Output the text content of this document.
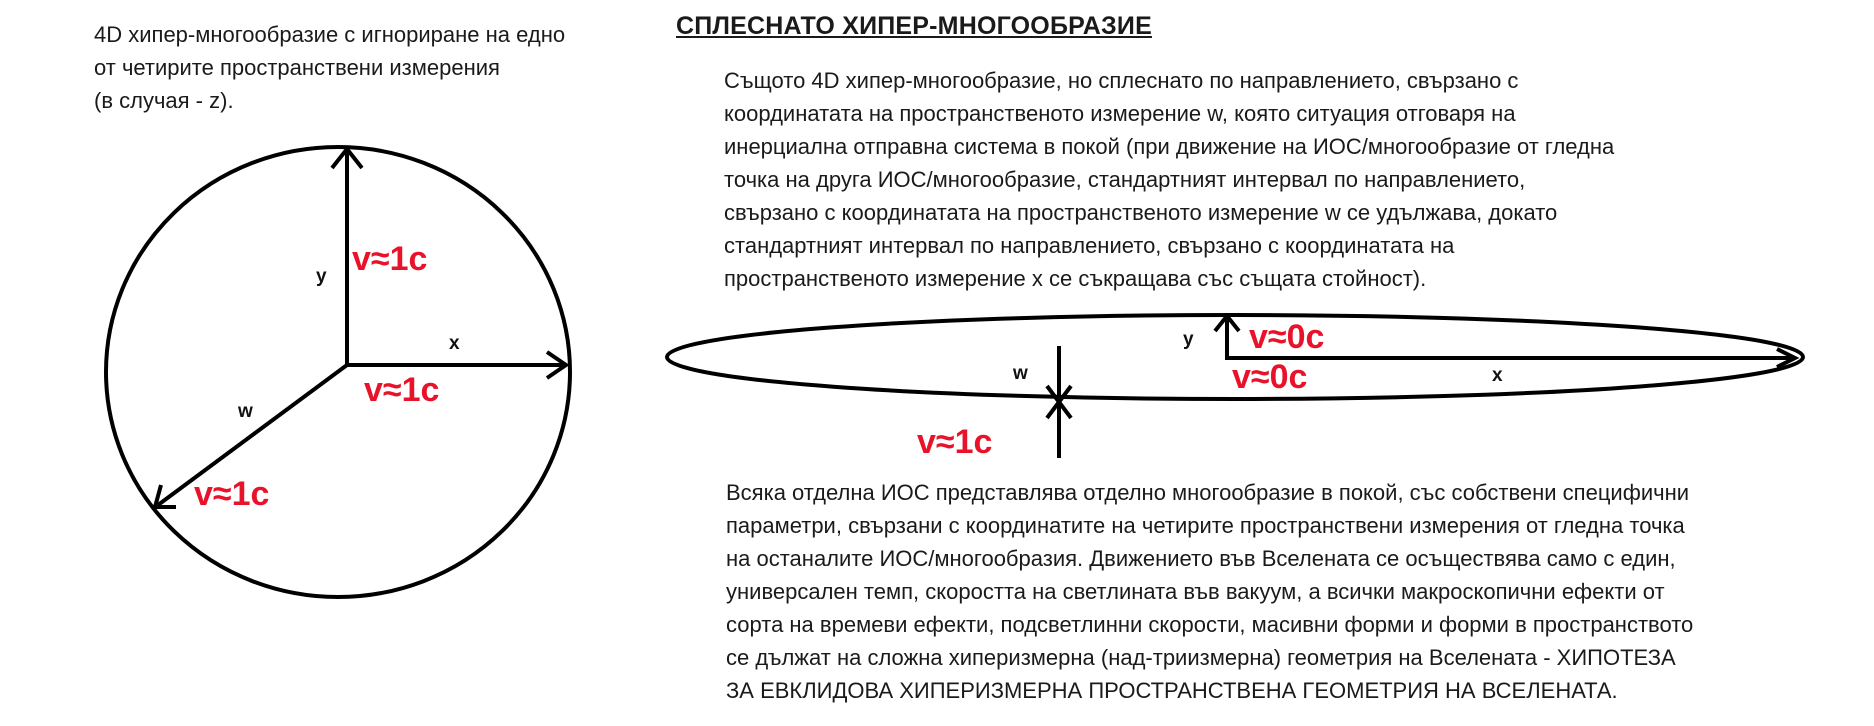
4D хипер-многообразие с игнориране на едно
от четирите пространствени измерения
(в случая - z).
СПЛЕСНАТО ХИПЕР-МНОГООБРАЗИЕ
Същото 4D хипер-многообразие, но сплеснато по направлението, свързано с
координатата на пространственото измерение w, която ситуация отговаря на
инерциална отправна система в покой (при движение на ИОС/многообразие от гледна
точка на друга ИОС/многообразие, стандартният интервал по направлението,
свързано с координатата на пространственото измерение w се удължава, докато
стандартният интервал по направлението, свързано с координатата на
пространственото измерение x се съкращава със същата стойност).
Всяка отделна ИОС представлява отделно многообразие в покой, със собствени специфични
параметри, свързани с координатите на четирите пространствени измерения от гледна точка
на останалите ИОС/многообразия. Движението във Вселената се осъществява само с един,
универсален темп, скоростта на светлината във вакуум, а всички макроскопични ефекти от
сорта на времеви ефекти, подсветлинни скорости, масивни форми и форми в пространството
се дължат на сложна хиперизмерна (над-триизмерна) геометрия на Вселената - ХИПОТЕЗА
ЗА ЕВКЛИДОВА ХИПЕРИЗМЕРНА ПРОСТРАНСТВЕНА ГЕОМЕТРИЯ НА ВСЕЛЕНАТА.
y
x
w
v≈1c
v≈1c
v≈1c
y
x
w
v≈0c
v≈0c
v≈1c
